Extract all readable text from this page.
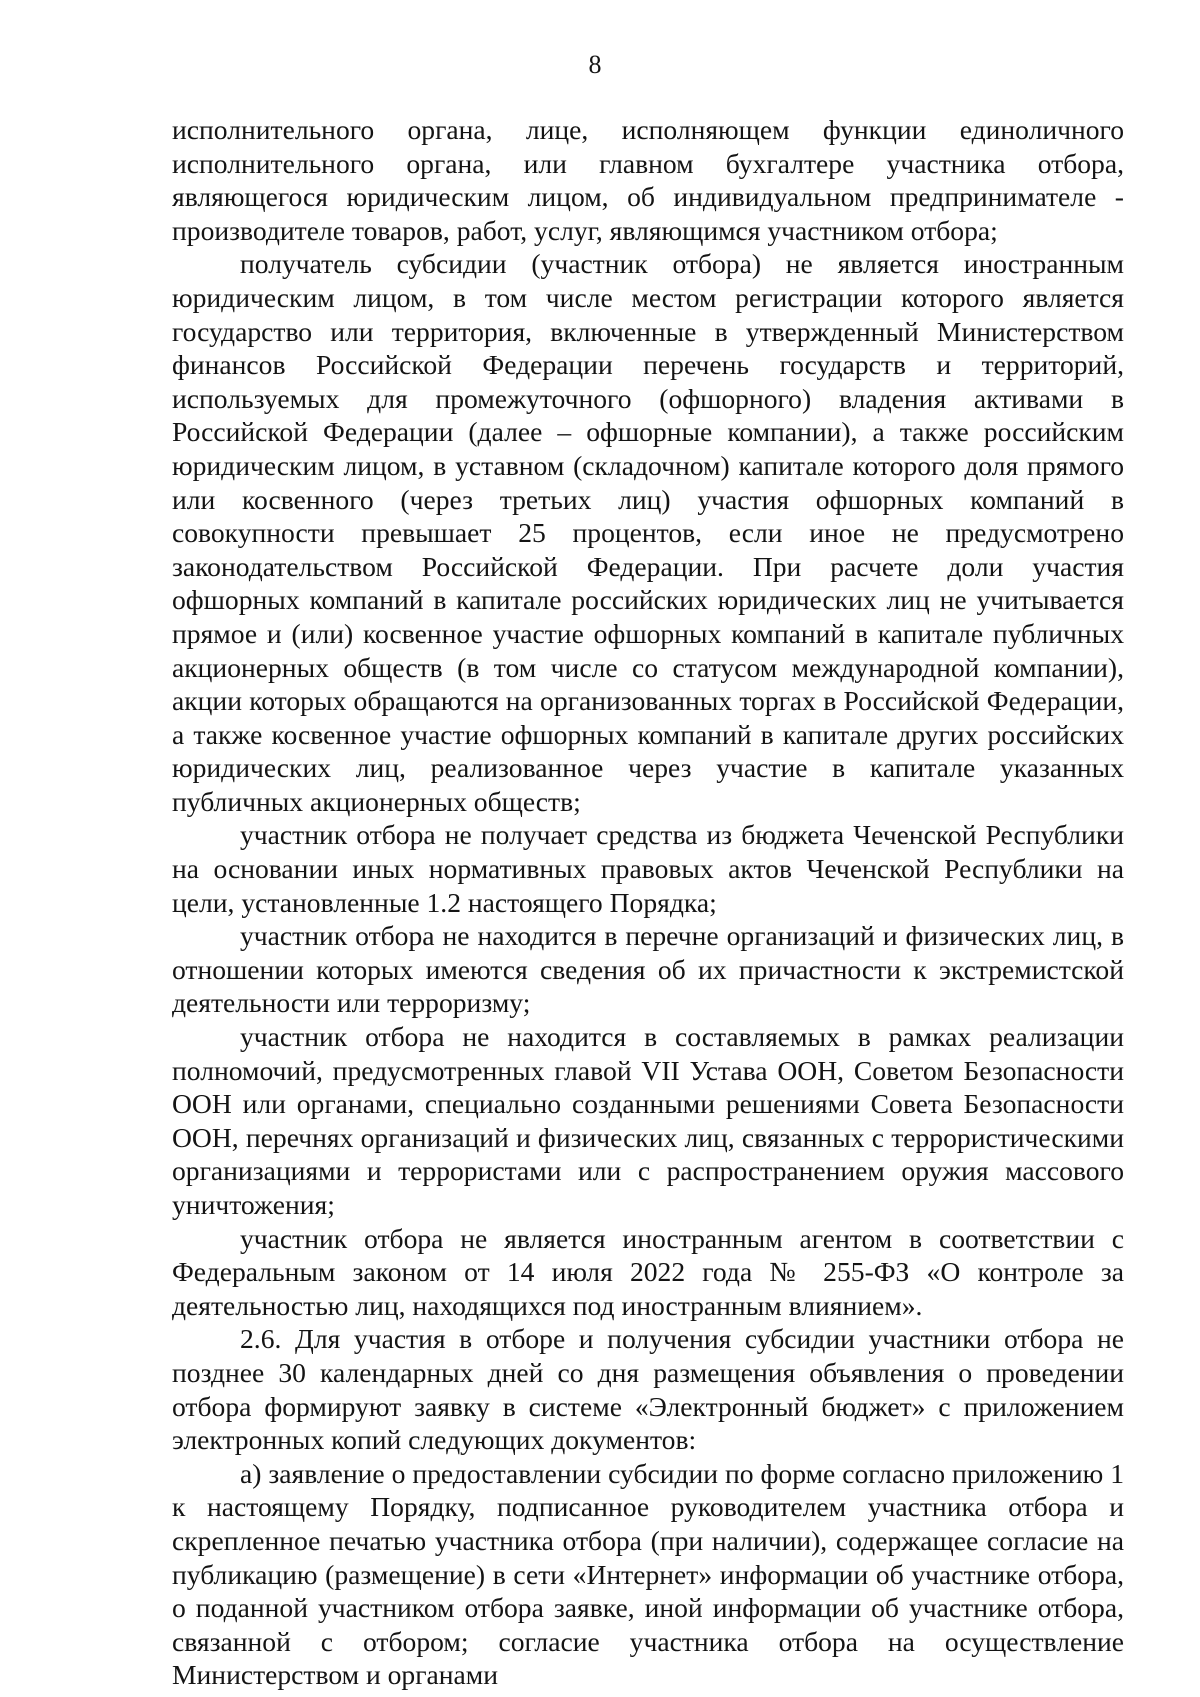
8

исполнительного органа, лице, исполняющем функции единоличного исполнительного органа, или главном бухгалтере участника отбора, являющегося юридическим лицом, об индивидуальном предпринимателе - производителе товаров, работ, услуг, являющимся участником отбора;

получатель субсидии (участник отбора) не является иностранным юридическим лицом, в том числе местом регистрации которого является государство или территория, включенные в утвержденный Министерством финансов Российской Федерации перечень государств и территорий, используемых для промежуточного (офшорного) владения активами в Российской Федерации (далее – офшорные компании), а также российским юридическим лицом, в уставном (складочном) капитале которого доля прямого или косвенного (через третьих лиц) участия офшорных компаний в совокупности превышает 25 процентов, если иное не предусмотрено законодательством Российской Федерации. При расчете доли участия офшорных компаний в капитале российских юридических лиц не учитывается прямое и (или) косвенное участие офшорных компаний в капитале публичных акционерных обществ (в том числе со статусом международной компании), акции которых обращаются на организованных торгах в Российской Федерации, а также косвенное участие офшорных компаний в капитале других российских юридических лиц, реализованное через участие в капитале указанных публичных акционерных обществ;

участник отбора не получает средства из бюджета Чеченской Республики на основании иных нормативных правовых актов Чеченской Республики на цели, установленные 1.2 настоящего Порядка;

участник отбора не находится в перечне организаций и физических лиц, в отношении которых имеются сведения об их причастности к экстремистской деятельности или терроризму;

участник отбора не находится в составляемых в рамках реализации полномочий, предусмотренных главой VII Устава ООН, Советом Безопасности ООН или органами, специально созданными решениями Совета Безопасности ООН, перечнях организаций и физических лиц, связанных с террористическими организациями и террористами или с распространением оружия массового уничтожения;

участник отбора не является иностранным агентом в соответствии с Федеральным законом от 14 июля 2022 года № 255-ФЗ «О контроле за деятельностью лиц, находящихся под иностранным влиянием».

2.6. Для участия в отборе и получения субсидии участники отбора не позднее 30 календарных дней со дня размещения объявления о проведении отбора формируют заявку в системе «Электронный бюджет» с приложением электронных копий следующих документов:

а) заявление о предоставлении субсидии по форме согласно приложению 1 к настоящему Порядку, подписанное руководителем участника отбора и скрепленное печатью участника отбора (при наличии), содержащее согласие на публикацию (размещение) в сети «Интернет» информации об участнике отбора, о поданной участником отбора заявке, иной информации об участнике отбора, связанной с отбором; согласие участника отбора на осуществление Министерством и органами
